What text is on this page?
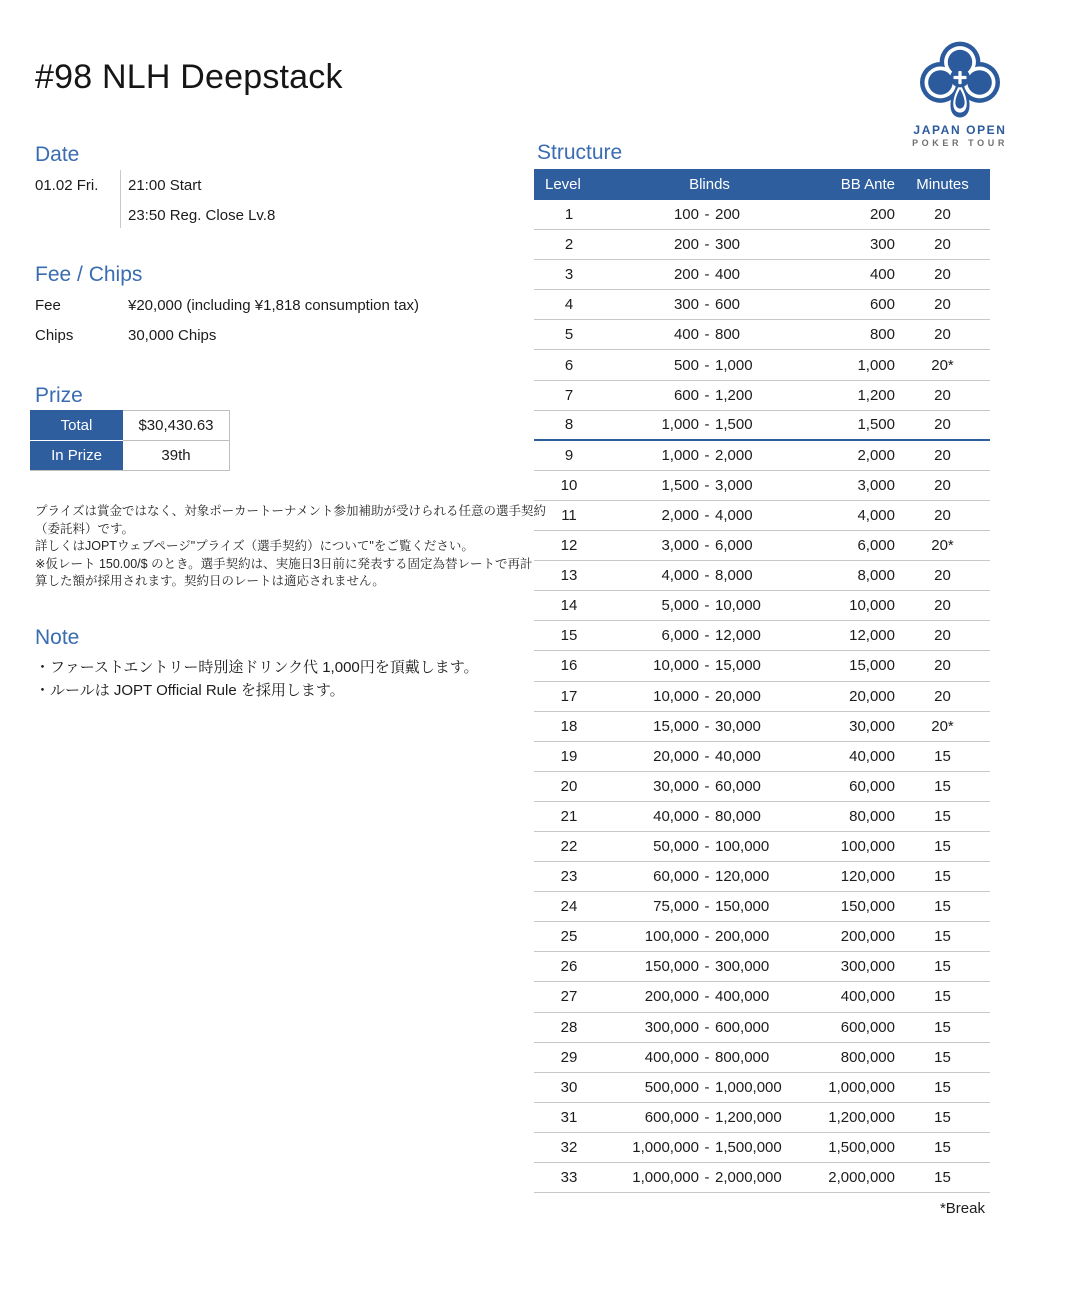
#98 NLH Deepstack
JAPAN OPEN
POKER TOUR
Date
01.02 Fri. 21:00 Start
23:50 Reg. Close Lv.8
Fee / Chips
Fee	¥20,000 (including ¥1,818 consumption tax)
Chips	30,000 Chips
Prize
Total	$30,430.63
In Prize	39th
プライズは賞金ではなく、対象ポーカートーナメント参加補助が受けられる任意の選手契約
（委託料）です。
詳しくはJOPTウェブページ"プライズ（選手契約）について"をご覧ください。
※仮レート 150.00/$ のとき。選手契約は、実施日3日前に発表する固定為替レートで再計
算した額が採用されます。契約日のレートは適応されません。
Note
・ファーストエントリー時別途ドリンク代 1,000円を頂戴します。
・ルールは JOPT Official Rule を採用します。
Structure
Level	Blinds	BB Ante	Minutes
1	100 - 200	200	20
2	200 - 300	300	20
3	200 - 400	400	20
4	300 - 600	600	20
5	400 - 800	800	20
6	500 - 1,000	1,000	20*
7	600 - 1,200	1,200	20
8	1,000 - 1,500	1,500	20
9	1,000 - 2,000	2,000	20
10	1,500 - 3,000	3,000	20
11	2,000 - 4,000	4,000	20
12	3,000 - 6,000	6,000	20*
13	4,000 - 8,000	8,000	20
14	5,000 - 10,000	10,000	20
15	6,000 - 12,000	12,000	20
16	10,000 - 15,000	15,000	20
17	10,000 - 20,000	20,000	20
18	15,000 - 30,000	30,000	20*
19	20,000 - 40,000	40,000	15
20	30,000 - 60,000	60,000	15
21	40,000 - 80,000	80,000	15
22	50,000 - 100,000	100,000	15
23	60,000 - 120,000	120,000	15
24	75,000 - 150,000	150,000	15
25	100,000 - 200,000	200,000	15
26	150,000 - 300,000	300,000	15
27	200,000 - 400,000	400,000	15
28	300,000 - 600,000	600,000	15
29	400,000 - 800,000	800,000	15
30	500,000 - 1,000,000	1,000,000	15
31	600,000 - 1,200,000	1,200,000	15
32	1,000,000 - 1,500,000	1,500,000	15
33	1,000,000 - 2,000,000	2,000,000	15
*Break
